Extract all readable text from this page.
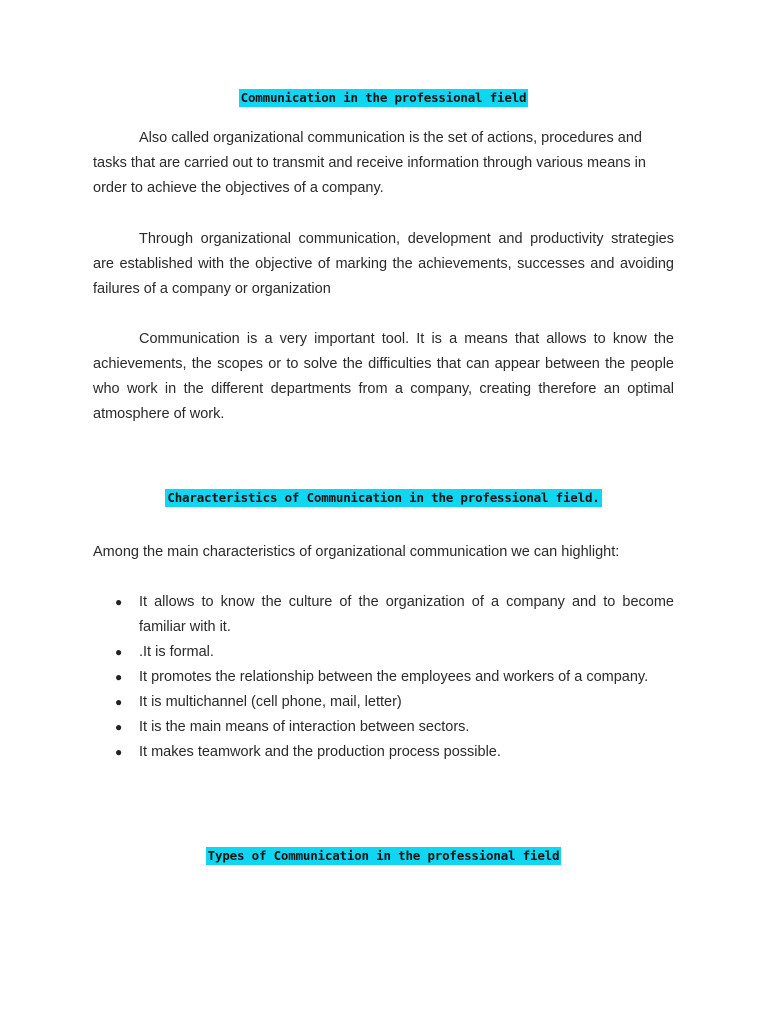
Communication in the professional field

Also called organizational communication is the set of actions, procedures and tasks that are carried out to transmit and receive information through various means in order to achieve the objectives of a company.

Through organizational communication, development and productivity strategies are established with the objective of marking the achievements, successes and avoiding failures of a company or organization

Communication is a very important tool. It is a means that allows to know the achievements, the scopes or to solve the difficulties that can appear between the people who work in the different departments from a company, creating therefore an optimal atmosphere of work.

Characteristics of Communication in the professional field.

Among the main characteristics of organizational communication we can highlight:

● It allows to know the culture of the organization of a company and to become familiar with it.
● .It is formal.
● It promotes the relationship between the employees and workers of a company.
● It is multichannel (cell phone, mail, letter)
● It is the main means of interaction between sectors.
● It makes teamwork and the production process possible.
Types of Communication in the professional field
